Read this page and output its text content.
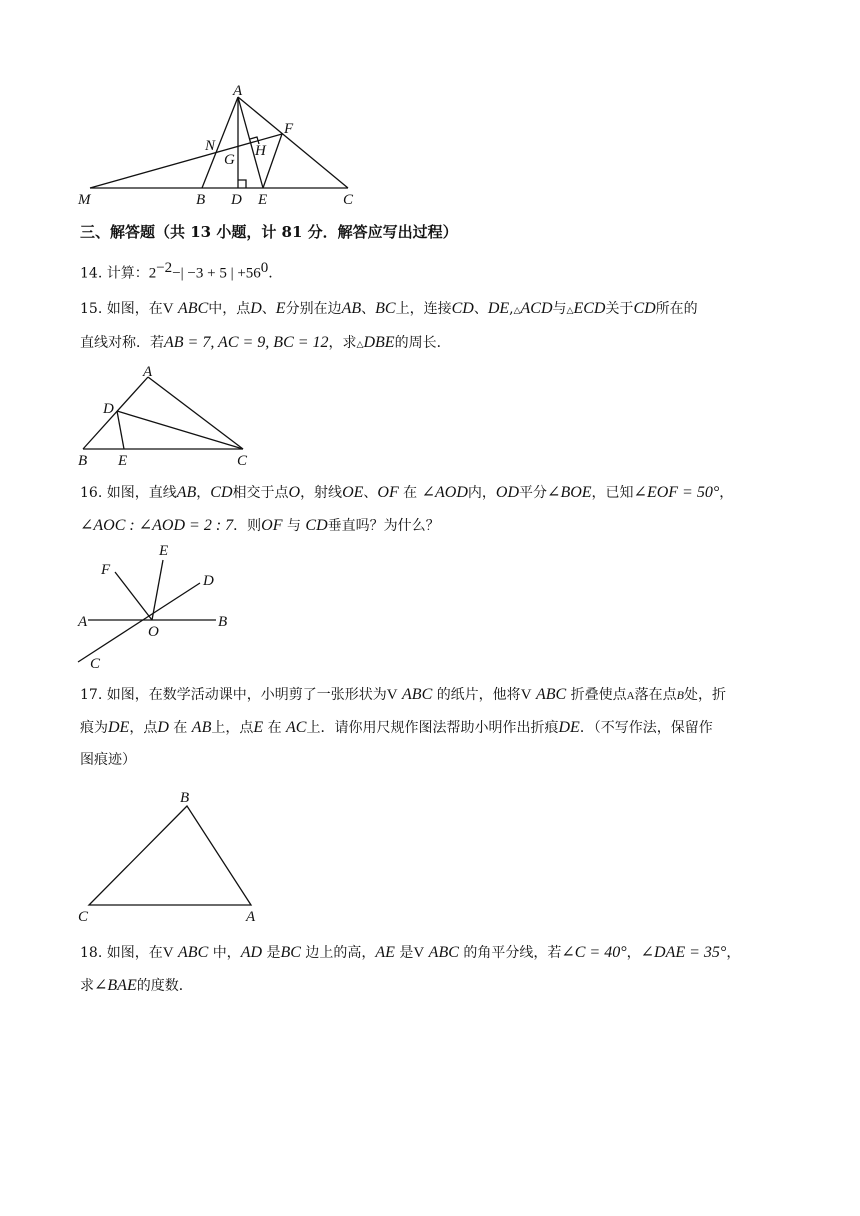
A
F
N	H
G
M	B D E	C
三、解答题（共 13 小题，计 81 分．解答应写出过程）
14. 计算：$2^{-2}-| -3 + 5$ | $+56^0$.
15. 如图，在V ABC中，点D、E分别在边AB、BC上，连接CD、DE,△ACD与△ECD关于CD所在的
直线对称．若AB = 7, AC = 9, BC = 12，求△DBE的周长．
A
D
B E	C
16. 如图，直线AB，CD相交于点O，射线OE、OF 在 ∠AOD内，OD平分∠BOE，已知∠EOF = 50°，
∠AOC : ∠AOD = 2 : 7．则OF 与 CD垂直吗？为什么？
E
F
D
A
O
B
C
17. 如图，在数学活动课中，小明剪了一张形状为V ABC 的纸片，他将V ABC 折叠使点A落在点B处，折
痕为DE，点D 在 AB上，点E 在 AC上．请你用尺规作图法帮助小明作出折痕DE．（不写作法，保留作
图痕迹）
B
C	A
18. 如图，在V ABC 中，AD 是BC 边上的高，AE 是V ABC 的角平分线，若∠C = 40°，∠DAE = 35°，
求∠BAE的度数．
